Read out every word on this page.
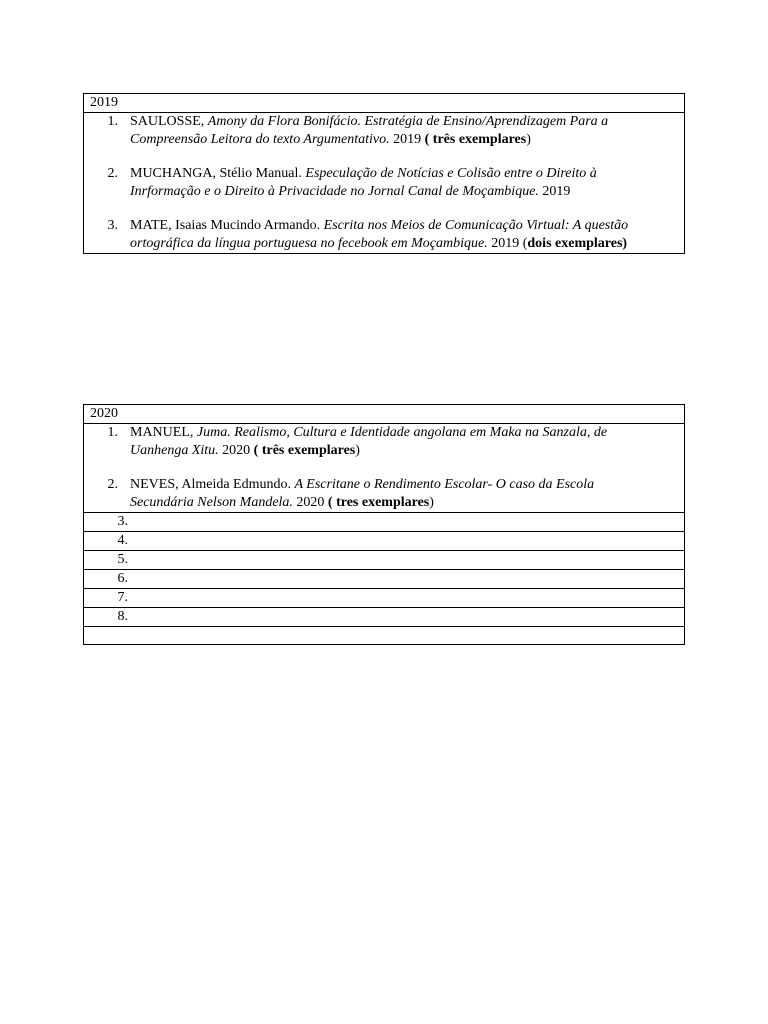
2019

1. SAULOSSE, Amony da Flora Bonifácio. Estratégia de Ensino/Aprendizagem Para a Compreensão Leitora do texto Argumentativo. 2019 ( três exemplares)
2. MUCHANGA, Stélio Manual. Especulação de Notícias e Colisão entre o Direito à Inrformação e o Direito à Privacidade no Jornal Canal de Moçambique. 2019
3. MATE, Isaias Mucindo Armando. Escrita nos Meios de Comunicação Virtual: A questão ortográfica da língua portuguesa no fecebook em Moçambique. 2019 (dois exemplares)
2020

1. MANUEL, Juma. Realismo, Cultura e Identidade angolana em Maka na Sanzala, de Uanhenga Xitu. 2020 ( três exemplares)
2. NEVES, Almeida Edmundo. A Escritane o Rendimento Escolar- O caso da Escola Secundária Nelson Mandela. 2020 ( tres exemplares)

3.
4.
5.
6.
7.
8.
